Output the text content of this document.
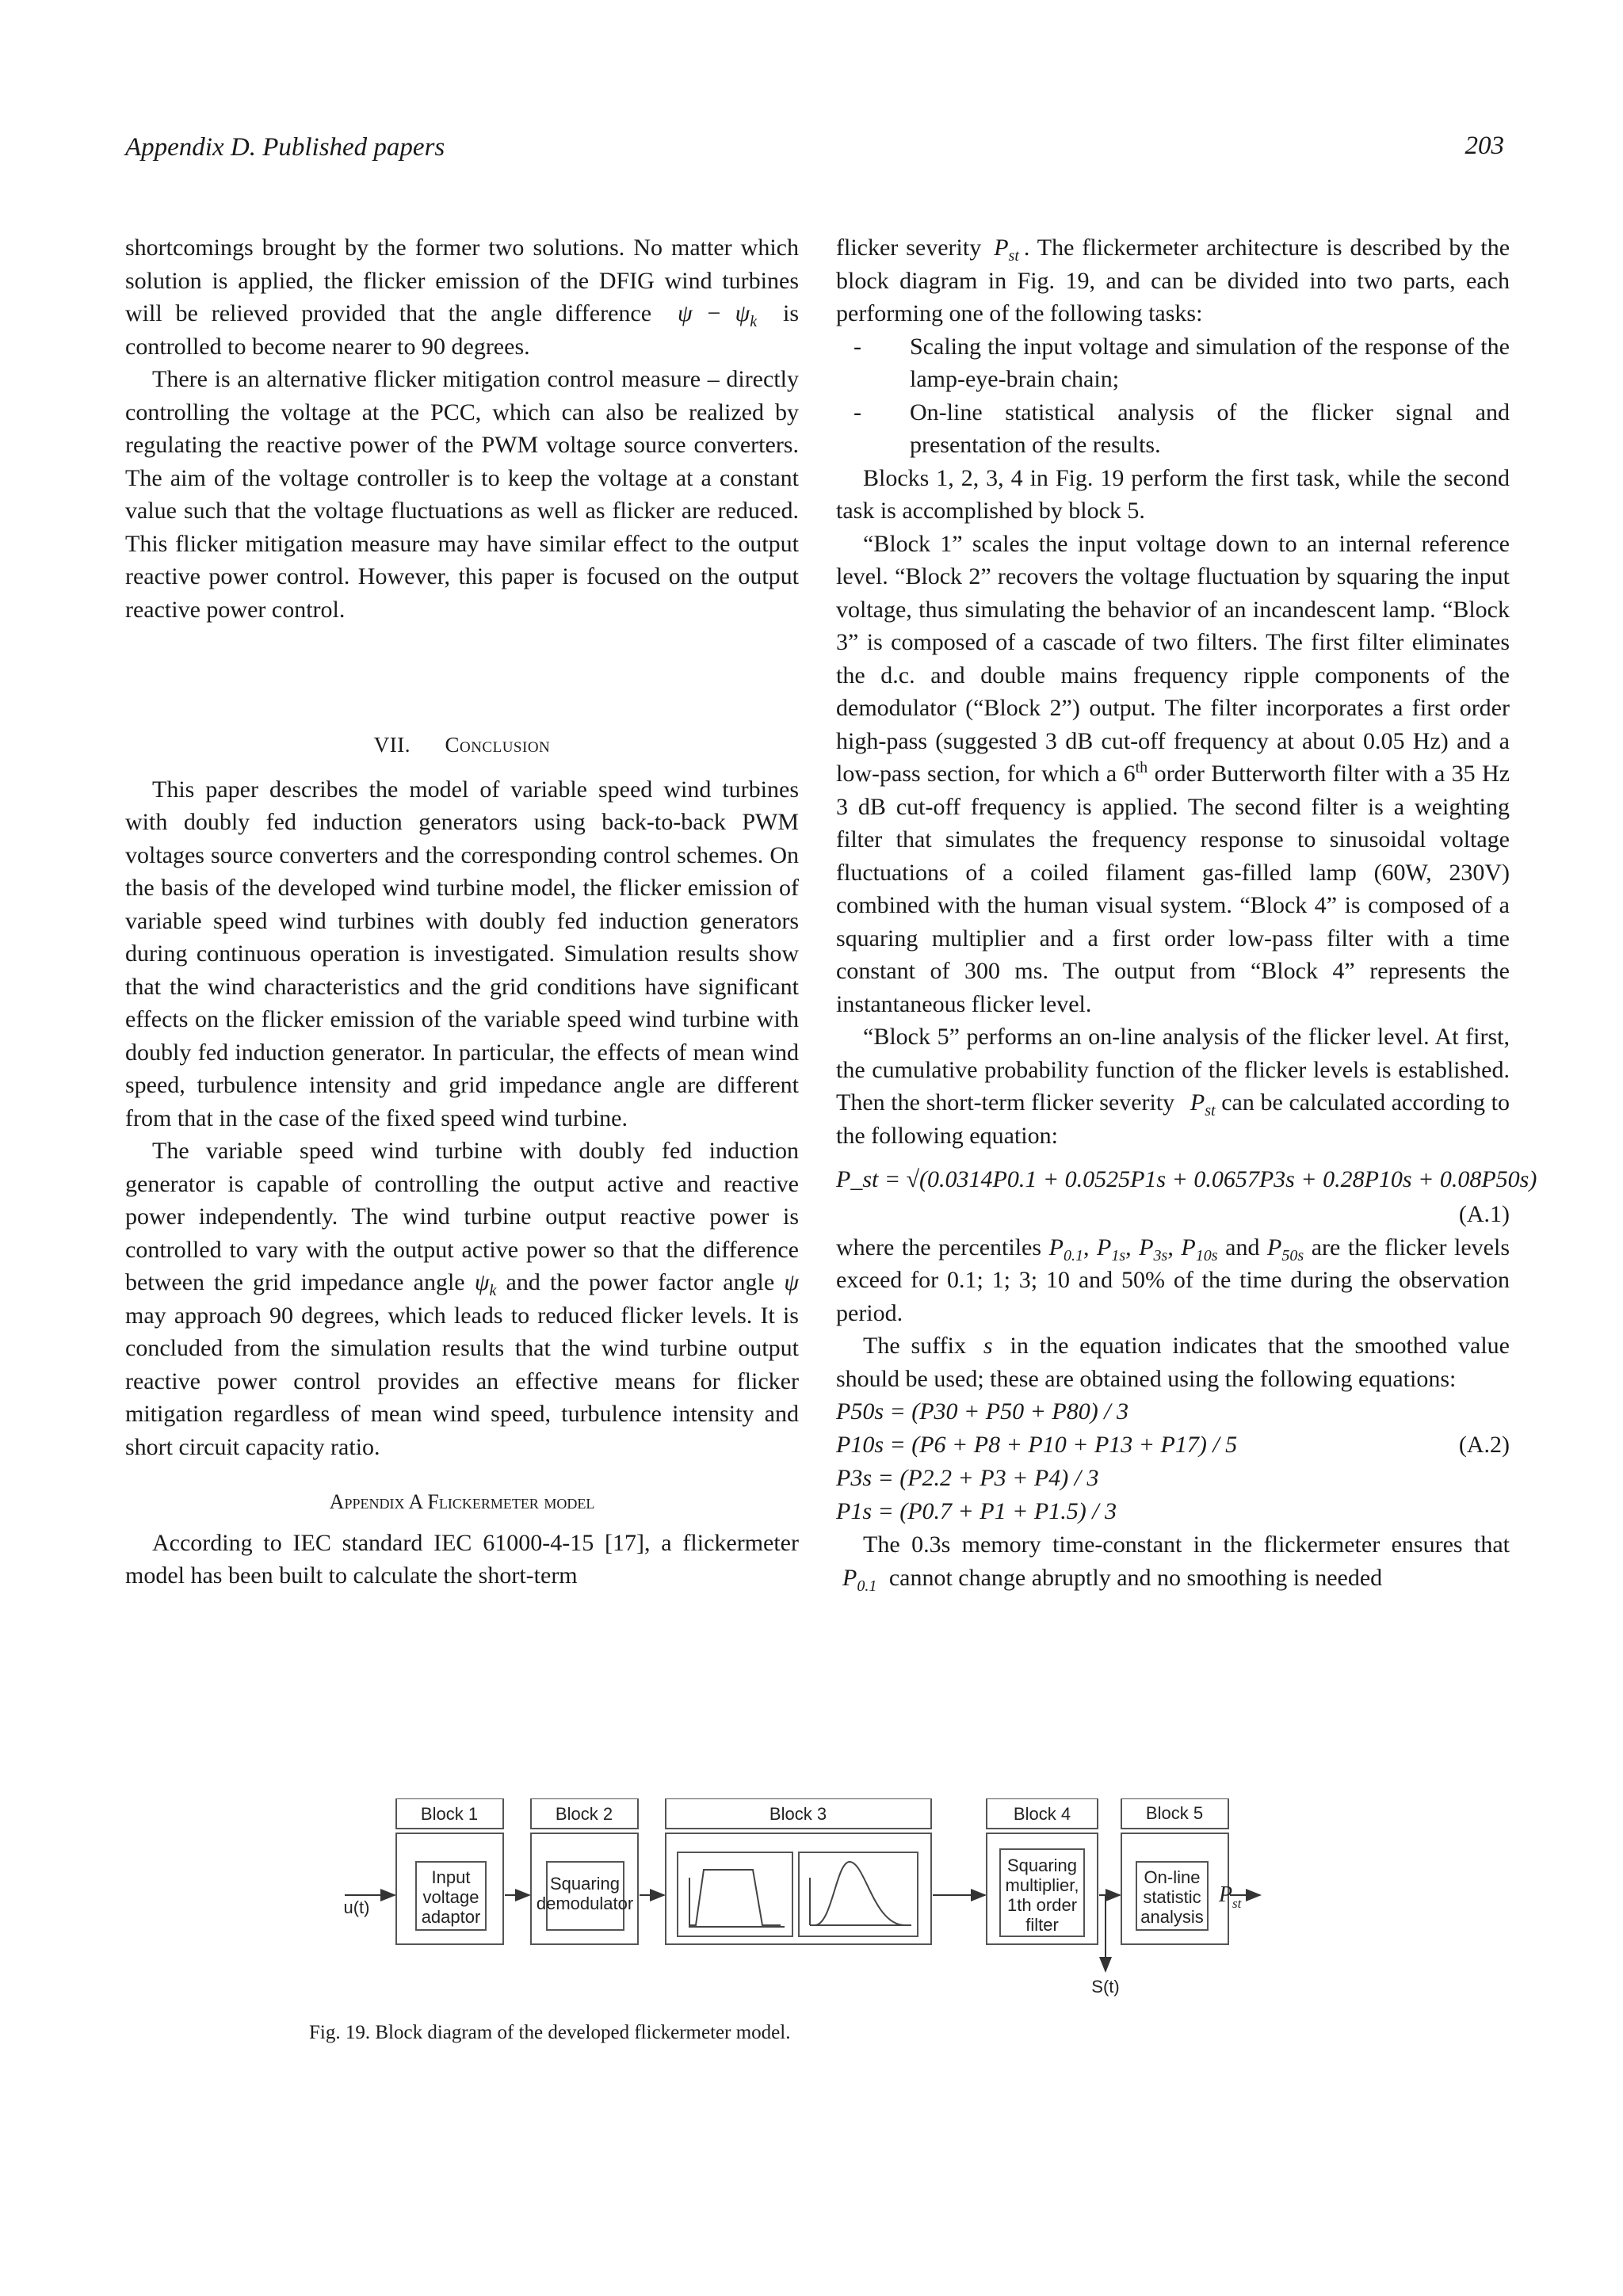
Appendix D. Published papers	203

shortcomings brought by the former two solutions. No matter which solution is applied, the flicker emission of the DFIG wind turbines will be relieved provided that the angle difference $\psi - \psi_k$ is controlled to become nearer to 90 degrees.

There is an alternative flicker mitigation control measure – directly controlling the voltage at the PCC, which can also be realized by regulating the reactive power of the PWM voltage source converters. The aim of the voltage controller is to keep the voltage at a constant value such that the voltage fluctuations as well as flicker are reduced. This flicker mitigation measure may have similar effect to the output reactive power control. However, this paper is focused on the output reactive power control.

VII. Conclusion

This paper describes the model of variable speed wind turbines with doubly fed induction generators using back-to-back PWM voltages source converters and the corresponding control schemes. On the basis of the developed wind turbine model, the flicker emission of variable speed wind turbines with doubly fed induction generators during continuous operation is investigated. Simulation results show that the wind characteristics and the grid conditions have significant effects on the flicker emission of the variable speed wind turbine with doubly fed induction generator. In particular, the effects of mean wind speed, turbulence intensity and grid impedance angle are different from that in the case of the fixed speed wind turbine.

The variable speed wind turbine with doubly fed induction generator is capable of controlling the output active and reactive power independently. The wind turbine output reactive power is controlled to vary with the output active power so that the difference between the grid impedance angle $\psi_k$ and the power factor angle ψ may approach 90 degrees, which leads to reduced flicker levels. It is concluded from the simulation results that the wind turbine output reactive power control provides an effective means for flicker mitigation regardless of mean wind speed, turbulence intensity and short circuit capacity ratio.

Appendix A Flickermeter model

According to IEC standard IEC 61000-4-15 [17], a flickermeter model has been built to calculate the short-term

flicker severity $P_{st}$ . The flickermeter architecture is described by the block diagram in Fig. 19, and can be divided into two parts, each performing one of the following tasks:

-	Scaling the input voltage and simulation of the response of the lamp-eye-brain chain;
-	On-line statistical analysis of the flicker signal and presentation of the results.

Blocks 1, 2, 3, 4 in Fig. 19 perform the first task, while the second task is accomplished by block 5.

“Block 1” scales the input voltage down to an internal reference level. “Block 2” recovers the voltage fluctuation by squaring the input voltage, thus simulating the behavior of an incandescent lamp. “Block 3” is composed of a cascade of two filters. The first filter eliminates the d.c. and double mains frequency ripple components of the demodulator (“Block 2”) output. The filter incorporates a first order high-pass (suggested 3 dB cut-off frequency at about 0.05 Hz) and a low-pass section, for which a 6th order Butterworth filter with a 35 Hz 3 dB cut-off frequency is applied. The second filter is a weighting filter that simulates the frequency response to sinusoidal voltage fluctuations of a coiled filament gas-filled lamp (60W, 230V) combined with the human visual system. “Block 4” is composed of a squaring multiplier and a first order low-pass filter with a time constant of 300 ms. The output from “Block 4” represents the instantaneous flicker level.

“Block 5” performs an on-line analysis of the flicker level. At first, the cumulative probability function of the flicker levels is established. Then the short-term flicker severity $P_{st}$ can be calculated according to the following equation:

P_st = √(0.0314P0.1 + 0.0525P1s + 0.0657P3s + 0.28P10s + 0.08P50s)
(A.1)

where the percentiles $P_{0.1}$, $P_{1s}$, $P_{3s}$, $P_{10s}$ and $P_{50s}$ are the flicker levels exceed for 0.1; 1; 3; 10 and 50% of the time during the observation period.

The suffix s in the equation indicates that the smoothed value should be used; these are obtained using the following equations:

P50s = (P30 + P50 + P80) / 3
P10s = (P6 + P8 + P10 + P13 + P17) / 5	(A.2)
P3s = (P2.2 + P3 + P4) / 3
P1s = (P0.7 + P1 + P1.5) / 3

The 0.3s memory time-constant in the flickermeter ensures that $P_{0.1}$ cannot change abruptly and no smoothing is needed

Block 1	Block 2	Block 3	Block 4	Block 5
Input
voltage
adaptor
Squaring
demodulator
Squaring
multiplier,
1th order
filter
On-line
statistic
analysis
u(t)
S(t)
P st
Fig. 19. Block diagram of the developed flickermeter model.
